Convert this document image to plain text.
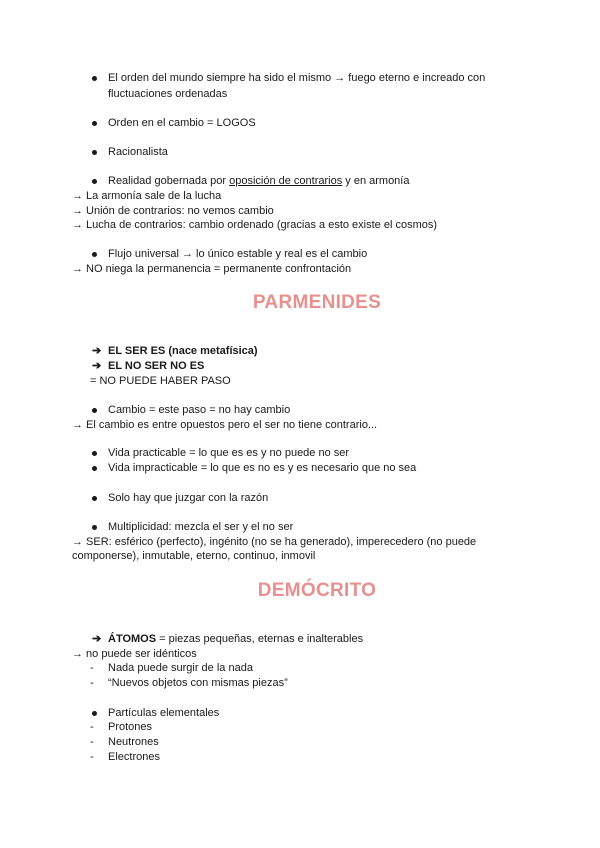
El orden del mundo siempre ha sido el mismo → fuego eterno e increado con
fluctuaciones ordenadas
Orden en el cambio = LOGOS
Racionalista
Realidad gobernada por oposición de contrarios y en armonía
→ La armonía sale de la lucha
→ Unión de contrarios: no vemos cambio
→ Lucha de contrarios: cambio ordenado (gracias a esto existe el cosmos)
Flujo universal → lo único estable y real es el cambio
→ NO niega la permanencia = permanente confrontación
PARMENIDES
➔ EL SER ES (nace metafísica)
➔ EL NO SER NO ES
= NO PUEDE HABER PASO
Cambio = este paso = no hay cambio
→ El cambio es entre opuestos pero el ser no tiene contrario...
Vida practicable = lo que es es y no puede no ser
Vida impracticable = lo que es no es y es necesario que no sea
Solo hay que juzgar con la razón
Multiplicidad: mezcla el ser y el no ser
→ SER: esférico (perfecto), ingénito (no se ha generado), imperecedero (no puede
componerse), inmutable, eterno, continuo, inmovil
DEMÓCRITO
➔ ÁTOMOS = piezas pequeñas, eternas e inalterables
→ no puede ser idénticos
- Nada puede surgir de la nada
- “Nuevos objetos con mismas piezas”
Partículas elementales
- Protones
- Neutrones
- Electrones
